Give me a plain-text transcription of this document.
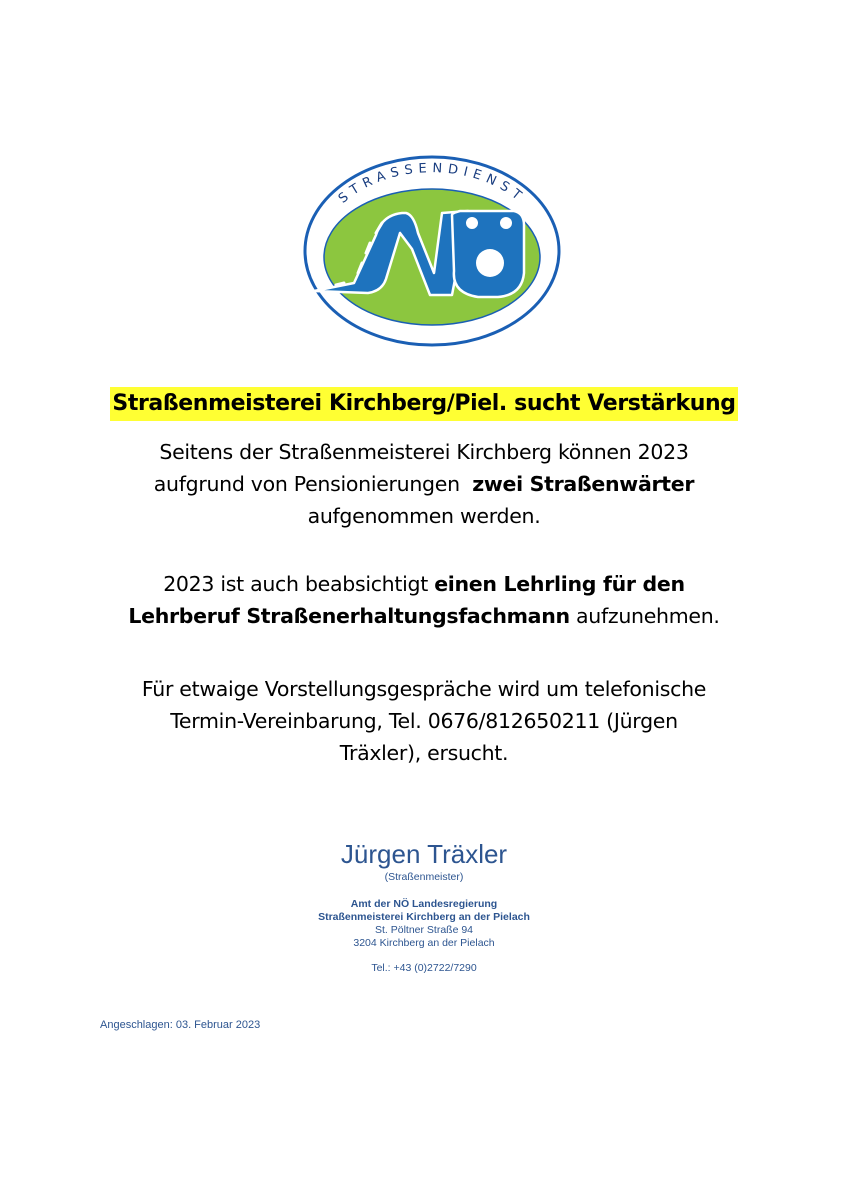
STRASSENDIENST
Straßenmeisterei Kirchberg/Piel. sucht Verstärkung

Seitens der Straßenmeisterei Kirchberg können 2023
aufgrund von Pensionierungen zwei Straßenwärter
aufgenommen werden.

2023 ist auch beabsichtigt einen Lehrling für den
Lehrberuf Straßenerhaltungsfachmann aufzunehmen.

Für etwaige Vorstellungsgespräche wird um telefonische
Termin-Vereinbarung, Tel. 0676/812650211 (Jürgen
Träxler), ersucht.

Jürgen Träxler
(Straßenmeister)
Amt der NÖ Landesregierung
Straßenmeisterei Kirchberg an der Pielach
St. Pöltner Straße 94
3204 Kirchberg an der Pielach
Tel.: +43 (0)2722/7290
Angeschlagen: 03. Februar 2023
